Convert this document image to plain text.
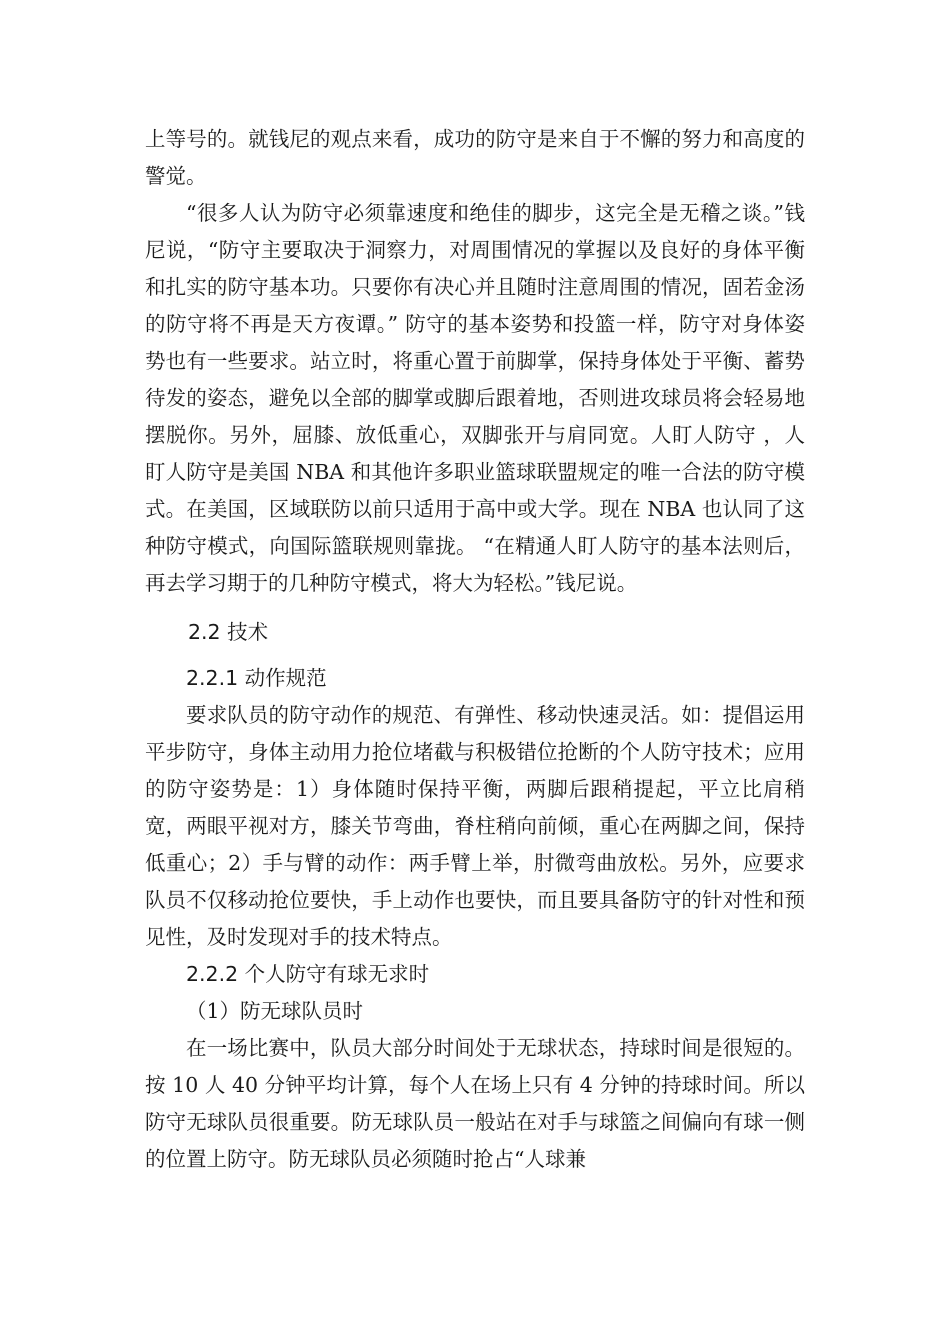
上等号的。就钱尼的观点来看，成功的防守是来自于不懈的努力和高度的警觉。

“很多人认为防守必须靠速度和绝佳的脚步，这完全是无稽之谈。”钱尼说，“防守主要取决于洞察力，对周围情况的掌握以及良好的身体平衡和扎实的防守基本功。只要你有决心并且随时注意周围的情况，固若金汤的防守将不再是天方夜谭。” 防守的基本姿势和投篮一样，防守对身体姿势也有一些要求。站立时，将重心置于前脚掌，保持身体处于平衡、蓄势待发的姿态，避免以全部的脚掌或脚后跟着地，否则进攻球员将会轻易地摆脱你。另外，屈膝、放低重心，双脚张开与肩同宽。人盯人防守 ，人盯人防守是美国 NBA 和其他许多职业篮球联盟规定的唯一合法的防守模式。在美国，区域联防以前只适用于高中或大学。现在 NBA 也认同了这种防守模式，向国际篮联规则靠拢。 “在精通人盯人防守的基本法则后，再去学习期于的几种防守模式，将大为轻松。”钱尼说。

2.2 技术

2.2.1 动作规范

要求队员的防守动作的规范、有弹性、移动快速灵活。如：提倡运用平步防守，身体主动用力抢位堵截与积极错位抢断的个人防守技术；应用的防守姿势是：1）身体随时保持平衡，两脚后跟稍提起，平立比肩稍宽，两眼平视对方，膝关节弯曲，脊柱稍向前倾，重心在两脚之间，保持低重心；2）手与臂的动作：两手臂上举，肘微弯曲放松。另外，应要求队员不仅移动抢位要快，手上动作也要快，而且要具备防守的针对性和预见性，及时发现对手的技术特点。

2.2.2 个人防守有球无求时

（1）防无球队员时

在一场比赛中，队员大部分时间处于无球状态，持球时间是很短的。按 10 人 40 分钟平均计算，每个人在场上只有 4 分钟的持球时间。所以防守无球队员很重要。防无球队员一般站在对手与球篮之间偏向有球一侧的位置上防守。防无球队员必须随时抢占“人球兼
